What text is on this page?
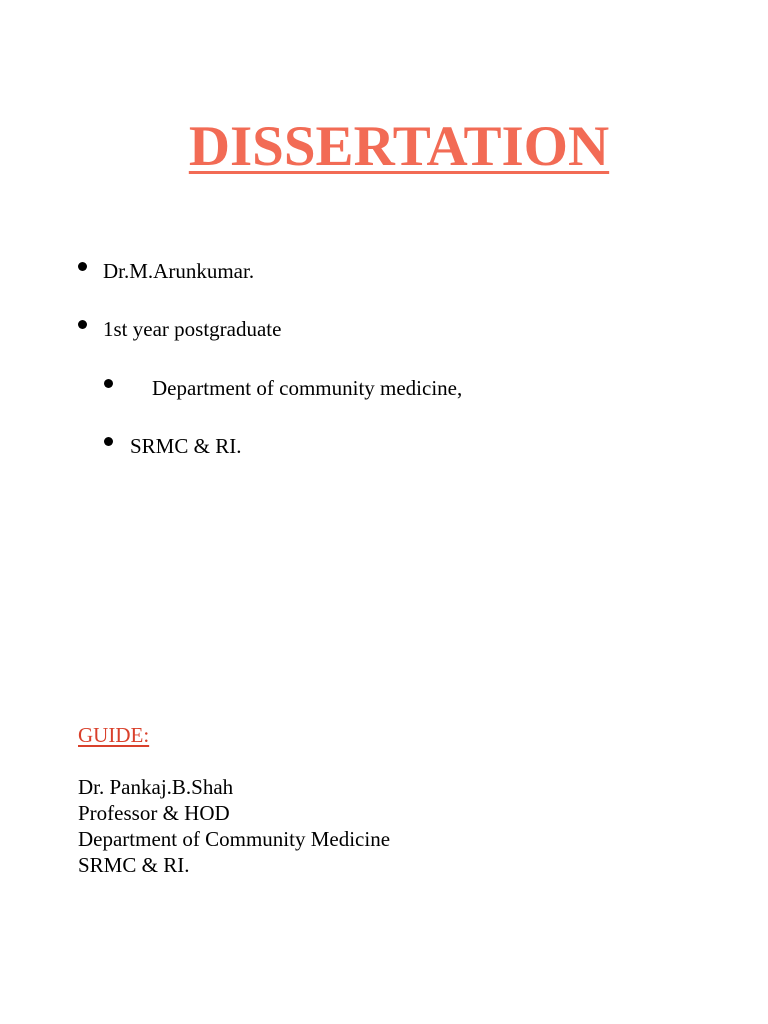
DISSERTATION
Dr.M.Arunkumar.
1st year postgraduate
Department of community medicine,
SRMC & RI.
GUIDE:
Dr. Pankaj.B.Shah
Professor & HOD
Department of Community Medicine
SRMC & RI.
